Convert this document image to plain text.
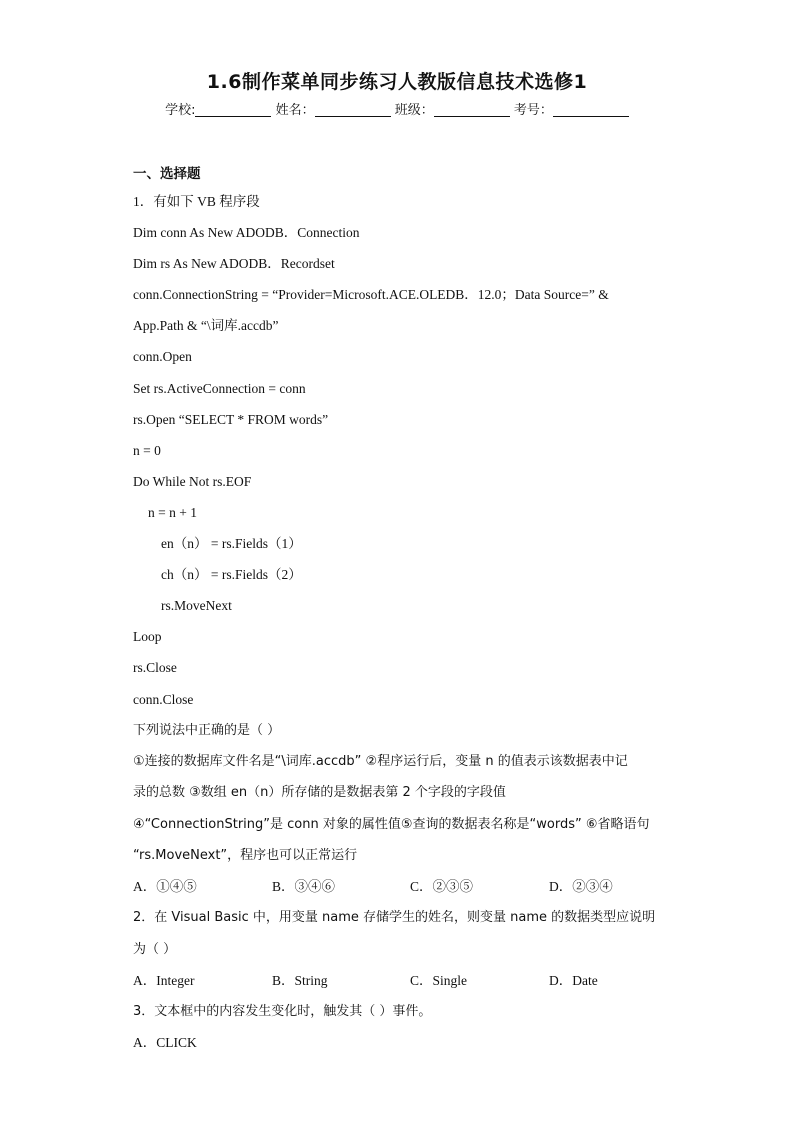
1.6制作菜单同步练习人教版信息技术选修1
学校:	姓名：	班级：	考号：
一、选择题
1．有如下 VB 程序段
Dim conn As New ADODB．Connection
Dim rs As New ADODB．Recordset
conn.ConnectionString = “Provider=Microsoft.ACE.OLEDB．12.0；Data Source=” &
App.Path & “\词库.accdb”
conn.Open
Set rs.ActiveConnection = conn
rs.Open “SELECT * FROM words”
n = 0
Do While Not rs.EOF
n = n + 1
en（n） = rs.Fields（1）
ch（n） = rs.Fields（2）
rs.MoveNext
Loop
rs.Close
conn.Close
下列说法中正确的是（ ）
①连接的数据库文件名是“\词库.accdb” ②程序运行后，变量 n 的值表示该数据表中记
录的总数 ③数组 en（n）所存储的是数据表第 2 个字段的字段值
④“ConnectionString”是 conn 对象的属性值⑤查询的数据表名称是“words” ⑥省略语句
“rs.MoveNext”，程序也可以正常运行
A．①④⑤	B．③④⑥	C．②③⑤	D．②③④
2．在 Visual Basic 中，用变量 name 存储学生的姓名，则变量 name 的数据类型应说明
为（ ）
A．Integer	B．String	C．Single	D．Date
3．文本框中的内容发生变化时，触发其（ ）事件。
A．CLICK
